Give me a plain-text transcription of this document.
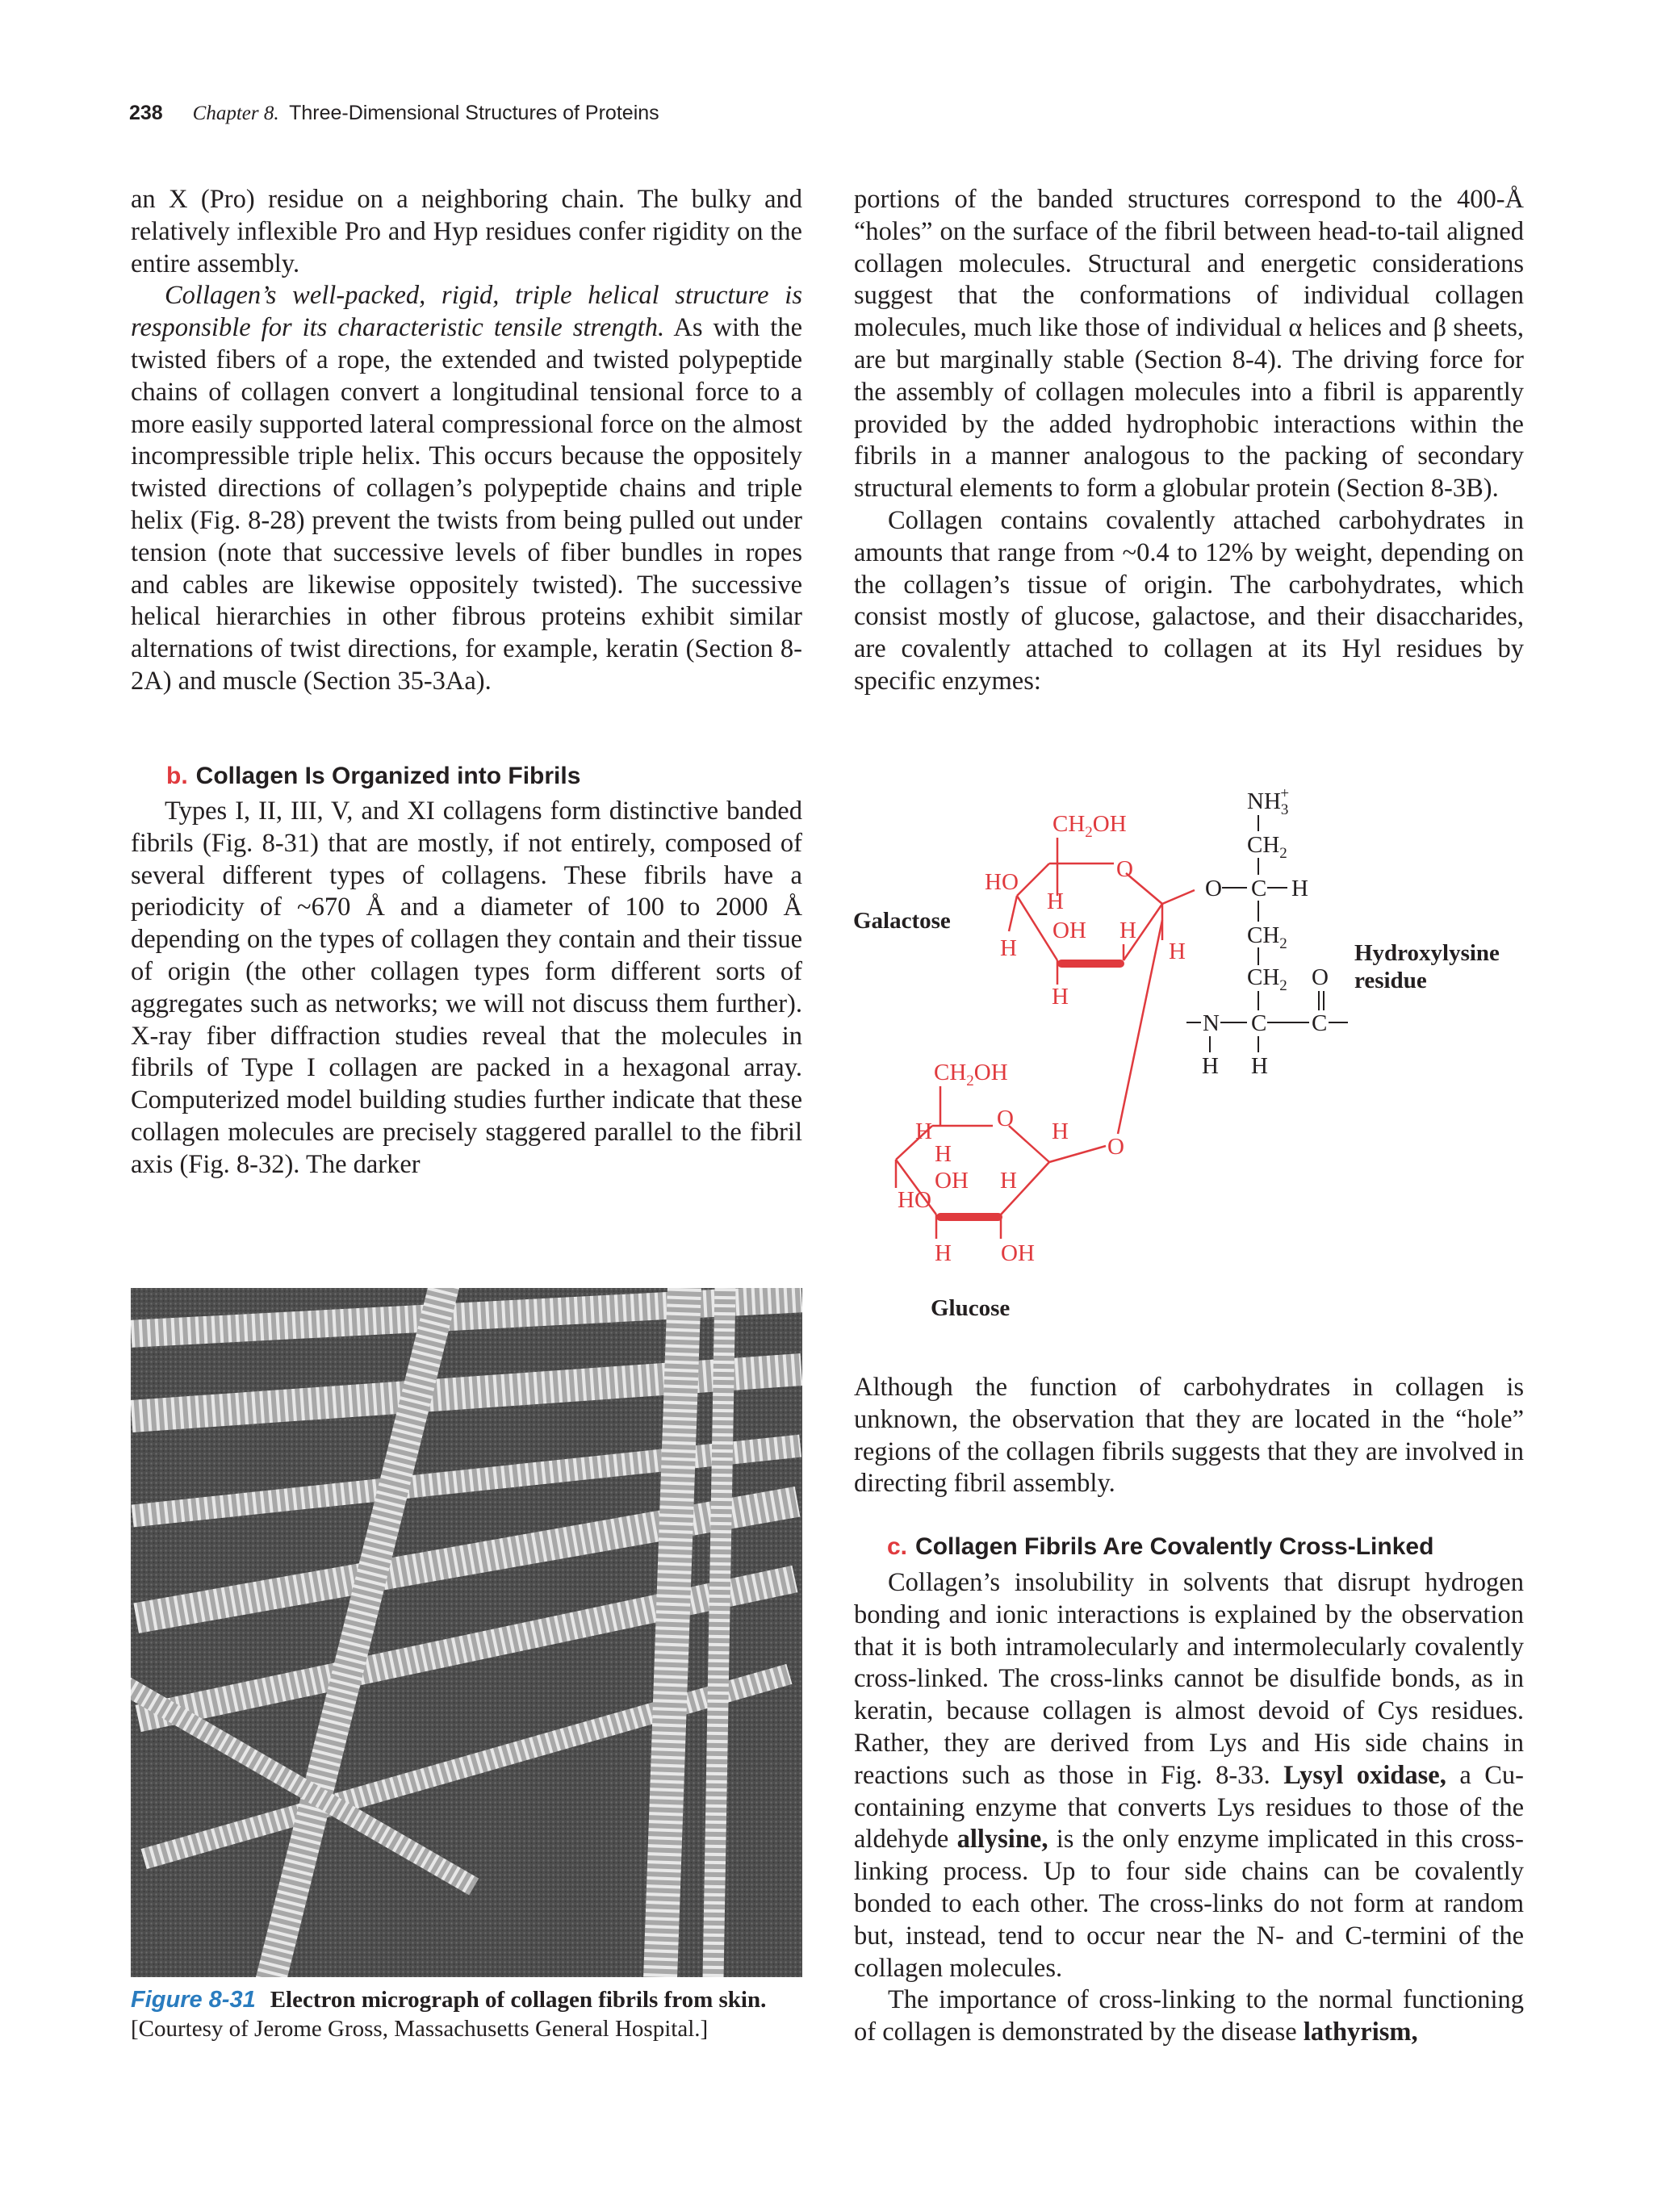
238 Chapter 8. Three-Dimensional Structures of Proteins

an X (Pro) residue on a neighboring chain. The bulky and relatively inflexible Pro and Hyp residues confer rigidity on the entire assembly.

Collagen’s well-packed, rigid, triple helical structure is responsible for its characteristic tensile strength. As with the twisted fibers of a rope, the extended and twisted polypeptide chains of collagen convert a longitudinal tensional force to a more easily supported lateral compressional force on the almost incompressible triple helix. This occurs because the oppositely twisted directions of collagen’s polypeptide chains and triple helix (Fig. 8-28) prevent the twists from being pulled out under tension (note that successive levels of fiber bundles in ropes and cables are likewise oppositely twisted). The successive helical hierarchies in other fibrous proteins exhibit similar alternations of twist directions, for example, keratin (Section 8-2A) and muscle (Section 35-3Aa).

b. Collagen Is Organized into Fibrils

Types I, II, III, V, and XI collagens form distinctive banded fibrils (Fig. 8-31) that are mostly, if not entirely, composed of several different types of collagens. These fibrils have a periodicity of ~670 Å and a diameter of 100 to 2000 Å depending on the types of collagen they contain and their tissue of origin (the other collagen types form different sorts of aggregates such as networks; we will not discuss them further). X-ray fiber diffraction studies reveal that the molecules in fibrils of Type I collagen are packed in a hexagonal array. Computerized model building studies further indicate that these collagen molecules are precisely staggered parallel to the fibril axis (Fig. 8-32). The darker

Figure 8-31 Electron micrograph of collagen fibrils from skin.
[Courtesy of Jerome Gross, Massachusetts General Hospital.]

portions of the banded structures correspond to the 400-Å “holes” on the surface of the fibril between head-to-tail aligned collagen molecules. Structural and energetic considerations suggest that the conformations of individual collagen molecules, much like those of individual α helices and β sheets, are but marginally stable (Section 8-4). The driving force for the assembly of collagen molecules into a fibril is apparently provided by the added hydrophobic interactions within the fibrils in a manner analogous to the packing of secondary structural elements to form a globular protein (Section 8-3B).

Collagen contains covalently attached carbohydrates in amounts that range from ~0.4 to 12% by weight, depending on the collagen’s tissue of origin. The carbohydrates, which consist mostly of glucose, galactose, and their disaccharides, are covalently attached to collagen at its Hyl residues by specific enzymes:

$CH_2OH$
O
HO
H
OH H
H	H
H
$CH_2OH$
O
H	H
H
OH H
O
HO
H OH
$NH_3+$
$CH_2$
O C H
$CH_2$
$CH_2$ O
N C C
H H
Galactose
Glucose
Hydroxylysine
residue

Although the function of carbohydrates in collagen is unknown, the observation that they are located in the “hole” regions of the collagen fibrils suggests that they are involved in directing fibril assembly.

c. Collagen Fibrils Are Covalently Cross-Linked

Collagen’s insolubility in solvents that disrupt hydrogen bonding and ionic interactions is explained by the observation that it is both intramolecularly and intermolecularly covalently cross-linked. The cross-links cannot be disulfide bonds, as in keratin, because collagen is almost devoid of Cys residues. Rather, they are derived from Lys and His side chains in reactions such as those in Fig. 8-33. Lysyl oxidase, a Cu-containing enzyme that converts Lys residues to those of the aldehyde allysine, is the only enzyme implicated in this cross-linking process. Up to four side chains can be covalently bonded to each other. The cross-links do not form at random but, instead, tend to occur near the N- and C-termini of the collagen molecules.

The importance of cross-linking to the normal functioning of collagen is demonstrated by the disease lathyrism,
